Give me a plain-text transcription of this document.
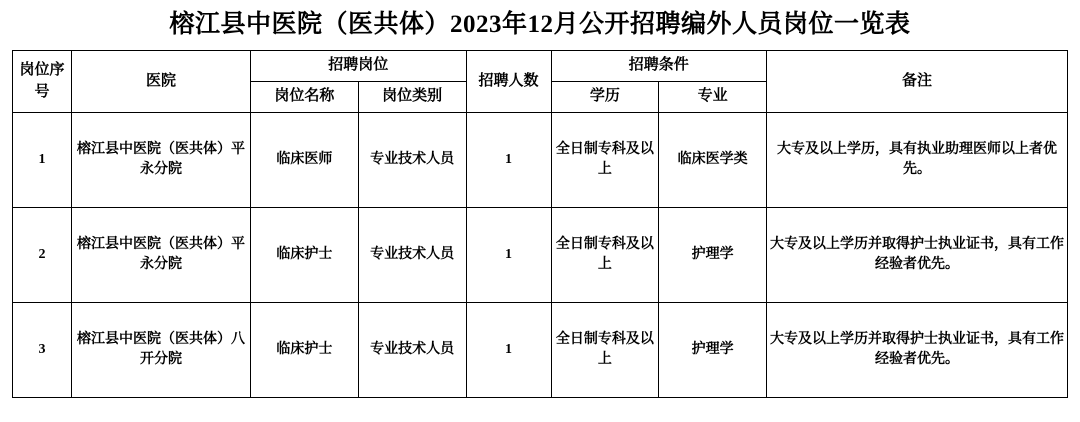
榕江县中医院（医共体）2023年12月公开招聘编外人员岗位一览表
岗位序号	医院	招聘岗位		招聘人数	招聘条件		备注
		岗位名称	岗位类别		学历	专业	
1	榕江县中医院（医共体）平永分院	临床医师	专业技术人员	1	全日制专科及以上	临床医学类	大专及以上学历，具有执业助理医师以上者优先。
2	榕江县中医院（医共体）平永分院	临床护士	专业技术人员	1	全日制专科及以上	护理学	大专及以上学历并取得护士执业证书，具有工作经验者优先。
3	榕江县中医院（医共体）八开分院	临床护士	专业技术人员	1	全日制专科及以上	护理学	大专及以上学历并取得护士执业证书，具有工作经验者优先。
